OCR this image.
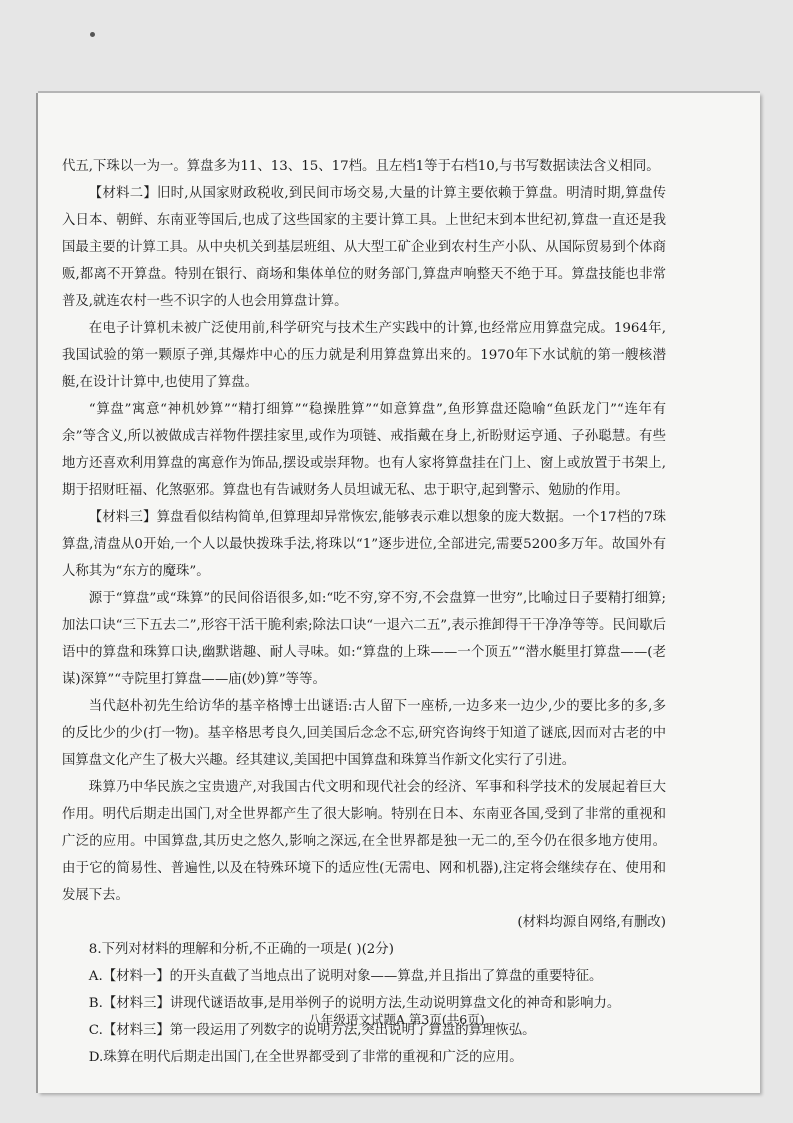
代五,下珠以一为一。算盘多为11、13、15、17档。且左档1等于右档10,与书写数据读法含义相同。

【材料二】旧时,从国家财政税收,到民间市场交易,大量的计算主要依赖于算盘。明清时期,算盘传入日本、朝鲜、东南亚等国后,也成了这些国家的主要计算工具。上世纪末到本世纪初,算盘一直还是我国最主要的计算工具。从中央机关到基层班组、从大型工矿企业到农村生产小队、从国际贸易到个体商贩,都离不开算盘。特别在银行、商场和集体单位的财务部门,算盘声响整天不绝于耳。算盘技能也非常普及,就连农村一些不识字的人也会用算盘计算。

在电子计算机未被广泛使用前,科学研究与技术生产实践中的计算,也经常应用算盘完成。1964年,我国试验的第一颗原子弹,其爆炸中心的压力就是利用算盘算出来的。1970年下水试航的第一艘核潜艇,在设计计算中,也使用了算盘。

“算盘”寓意“神机妙算”“精打细算”“稳操胜算”“如意算盘”,鱼形算盘还隐喻“鱼跃龙门”“连年有余”等含义,所以被做成吉祥物件摆挂家里,或作为项链、戒指戴在身上,祈盼财运亨通、子孙聪慧。有些地方还喜欢利用算盘的寓意作为饰品,摆设或崇拜物。也有人家将算盘挂在门上、窗上或放置于书架上,期于招财旺福、化煞驱邪。算盘也有告诫财务人员坦诚无私、忠于职守,起到警示、勉励的作用。

【材料三】算盘看似结构简单,但算理却异常恢宏,能够表示难以想象的庞大数据。一个17档的7珠算盘,清盘从0开始,一个人以最快拨珠手法,将珠以“1”逐步进位,全部进完,需要5200多万年。故国外有人称其为“东方的魔珠”。

源于“算盘”或“珠算”的民间俗语很多,如:“吃不穷,穿不穷,不会盘算一世穷”,比喻过日子要精打细算;加法口诀“三下五去二”,形容干活干脆利索;除法口诀“一退六二五”,表示推卸得干干净净等等。民间歇后语中的算盘和珠算口诀,幽默谐趣、耐人寻味。如:“算盘的上珠——一个顶五”“潜水艇里打算盘——(老谋)深算”“寺院里打算盘——庙(妙)算”等等。

当代赵朴初先生给访华的基辛格博士出谜语:古人留下一座桥,一边多来一边少,少的要比多的多,多的反比少的少(打一物)。基辛格思考良久,回美国后念念不忘,研究咨询终于知道了谜底,因而对古老的中国算盘文化产生了极大兴趣。经其建议,美国把中国算盘和珠算当作新文化实行了引进。

珠算乃中华民族之宝贵遗产,对我国古代文明和现代社会的经济、军事和科学技术的发展起着巨大作用。明代后期走出国门,对全世界都产生了很大影响。特别在日本、东南亚各国,受到了非常的重视和广泛的应用。中国算盘,其历史之悠久,影响之深远,在全世界都是独一无二的,至今仍在很多地方使用。由于它的简易性、普遍性,以及在特殊环境下的适应性(无需电、网和机器),注定将会继续存在、使用和发展下去。

(材料均源自网络,有删改)

8.下列对材料的理解和分析,不正确的一项是( )(2分)

A.【材料一】的开头直截了当地点出了说明对象——算盘,并且指出了算盘的重要特征。

B.【材料三】讲现代谜语故事,是用举例子的说明方法,生动说明算盘文化的神奇和影响力。

C.【材料三】第一段运用了列数字的说明方法,突出说明了算盘的算理恢弘。

D.珠算在明代后期走出国门,在全世界都受到了非常的重视和广泛的应用。

八年级语文试题A 第3页(共6页)
